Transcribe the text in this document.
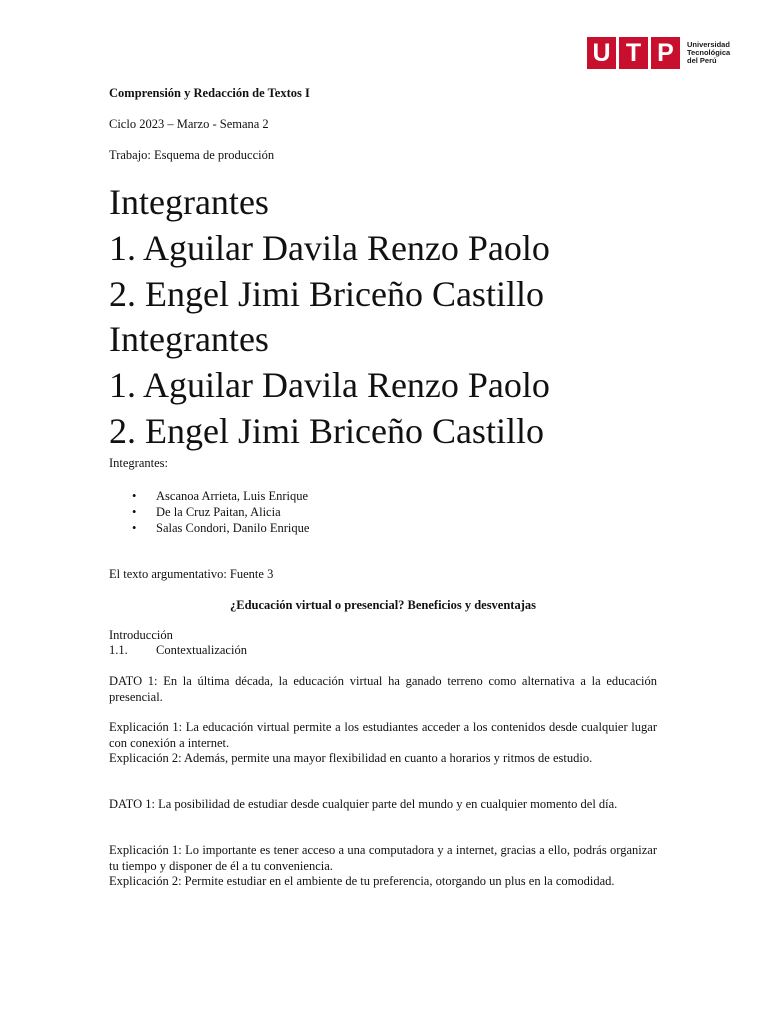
U T P	Universidad
Tecnológica
del Perú
Comprensión y Redacción de Textos I
Ciclo 2023 – Marzo - Semana 2
Trabajo: Esquema de producción
Integrantes
1. Aguilar Davila Renzo Paolo
2. Engel Jimi Briceño Castillo
Integrantes
1. Aguilar Davila Renzo Paolo
2. Engel Jimi Briceño Castillo
Integrantes:
• Ascanoa Arrieta, Luis Enrique
• De la Cruz Paitan, Alicia
• Salas Condori, Danilo Enrique
El texto argumentativo: Fuente 3
¿Educación virtual o presencial? Beneficios y desventajas
Introducción
1.1. Contextualización
DATO 1: En la última década, la educación virtual ha ganado terreno como alternativa a la educación presencial.
Explicación 1: La educación virtual permite a los estudiantes acceder a los contenidos desde cualquier lugar con conexión a internet.
Explicación 2: Además, permite una mayor flexibilidad en cuanto a horarios y ritmos de estudio.
DATO 1: La posibilidad de estudiar desde cualquier parte del mundo y en cualquier momento del día.
Explicación 1: Lo importante es tener acceso a una computadora y a internet, gracias a ello, podrás organizar tu tiempo y disponer de él a tu conveniencia.
Explicación 2: Permite estudiar en el ambiente de tu preferencia, otorgando un plus en la comodidad.
